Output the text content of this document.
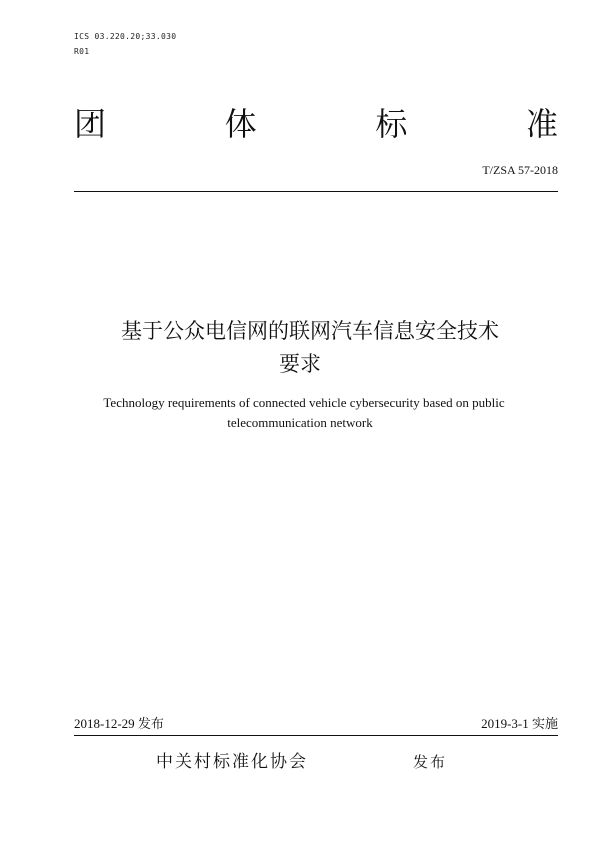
ICS 03.220.20;33.030
R01
团	体	标	准
T/ZSA 57-2018
基于公众电信网的联网汽车信息安全技术
要求
Technology requirements of connected vehicle cybersecurity based on public
telecommunication network
2018-12-29 发布	2019-3-1 实施
中关村标准化协会	发布
